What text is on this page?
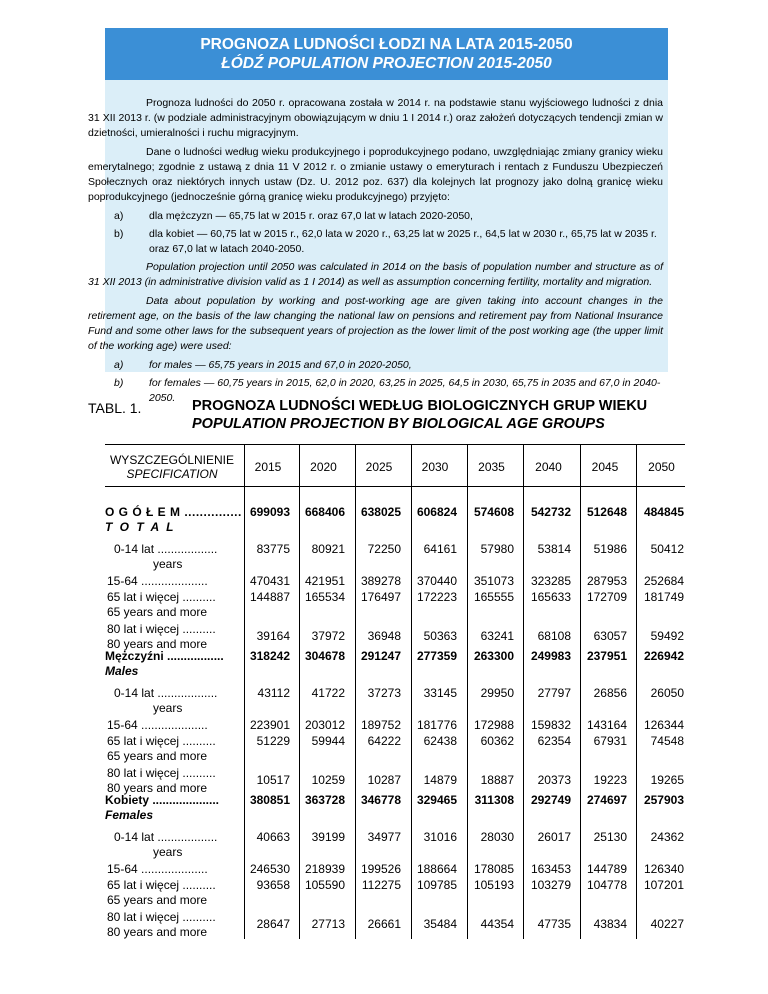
PROGNOZA LUDNOŚCI ŁODZI NA LATA 2015-2050
ŁÓDŹ POPULATION PROJECTION 2015-2050

Prognoza ludności do 2050 r. opracowana została w 2014 r. na podstawie stanu wyjściowego ludności z dnia 31 XII 2013 r. (w podziale administracyjnym obowiązującym w dniu 1 I 2014 r.) oraz założeń dotyczących tendencji zmian w dzietności, umieralności i ruchu migracyjnym.

Dane o ludności według wieku produkcyjnego i poprodukcyjnego podano, uwzględniając zmiany granicy wieku emerytalnego; zgodnie z ustawą z dnia 11 V 2012 r. o zmianie ustawy o emeryturach i rentach z Funduszu Ubezpieczeń Społecznych oraz niektórych innych ustaw (Dz. U. 2012 poz. 637) dla kolejnych lat prognozy jako dolną granicę wieku poprodukcyjnego (jednocześnie górną granicę wieku produkcyjnego) przyjęto:

a)	dla mężczyzn — 65,75 lat w 2015 r. oraz 67,0 lat w latach 2020-2050,
b)	dla kobiet — 60,75 lat w 2015 r., 62,0 lata w 2020 r., 63,25 lat w 2025 r., 64,5 lat w 2030 r., 65,75 lat w 2035 r. oraz 67,0 lat w latach 2040-2050.

Population projection until 2050 was calculated in 2014 on the basis of population number and structure as of 31 XII 2013 (in administrative division valid as 1 I 2014) as well as assumption concerning fertility, mortality and migration.

Data about population by working and post-working age are given taking into account changes in the retirement age, on the basis of the law changing the national law on pensions and retirement pay from National Insurance Fund and some other laws for the subsequent years of projection as the lower limit of the post working age (the upper limit of the working age) were used:

a)	for males — 65,75 years in 2015 and 67,0 in 2020-2050,
b)	for females — 60,75 years in 2015, 62,0 in 2020, 63,25 in 2025, 64,5 in 2030, 65,75 in 2035 and 67,0 in 2040-2050.
TABL. 1.	PROGNOZA LUDNOŚCI WEDŁUG BIOLOGICZNYCH GRUP WIEKU
POPULATION PROJECTION BY BIOLOGICAL AGE GROUPS
WYSZCZEGÓLNIENIE
SPECIFICATION	2015	2020	2025	2030	2035	2040	2045	2050
O G Ó Ł E M ...............
T O T A L
699093	668406	638025	606824	574608	542732	512648	484845
0-14 lat ..................
years
83775	80921	72250	64161	57980	53814	51986	50412
15-64 ....................	470431	421951	389278	370440	351073	323285	287953	252684
65 lat i więcej ..........
65 years and more
144887	165534	176497	172223	165555	165633	172709	181749
80 lat i więcej ..........
80 years and more
39164	37972	36948	50363	63241	68108	63057	59492
Mężczyźni .................
Males
318242	304678	291247	277359	263300	249983	237951	226942
0-14 lat ..................
years
43112	41722	37273	33145	29950	27797	26856	26050
15-64 ....................	223901	203012	189752	181776	172988	159832	143164	126344
65 lat i więcej ..........
65 years and more
51229	59944	64222	62438	60362	62354	67931	74548
80 lat i więcej ..........
80 years and more
10517	10259	10287	14879	18887	20373	19223	19265
Kobiety ....................
Females
380851	363728	346778	329465	311308	292749	274697	257903
0-14 lat ..................
years
40663	39199	34977	31016	28030	26017	25130	24362
15-64 ....................	246530	218939	199526	188664	178085	163453	144789	126340
65 lat i więcej ..........
65 years and more
93658	105590	112275	109785	105193	103279	104778	107201
80 lat i więcej ..........
80 years and more
28647	27713	26661	35484	44354	47735	43834	40227
